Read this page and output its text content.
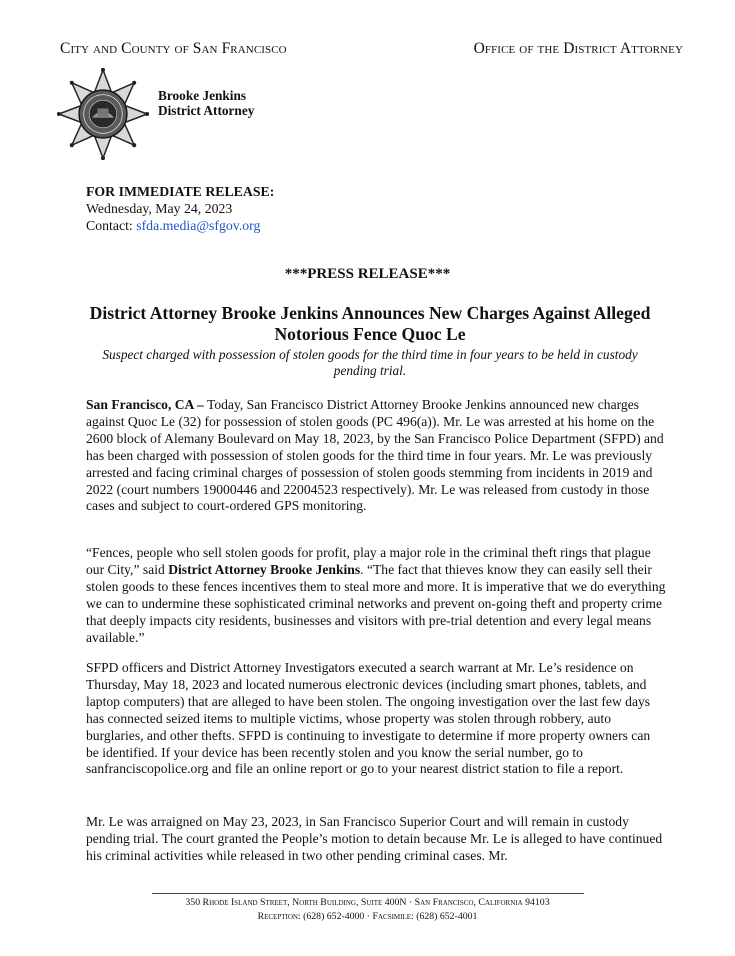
City and County of San Francisco	Office of the District Attorney
Brooke Jenkins
District Attorney
FOR IMMEDIATE RELEASE:
Wednesday, May 24, 2023
Contact: sfda.media@sfgov.org
***PRESS RELEASE***
District Attorney Brooke Jenkins Announces New Charges Against Alleged Notorious Fence Quoc Le
Suspect charged with possession of stolen goods for the third time in four years to be held in custody pending trial.
San Francisco, CA – Today, San Francisco District Attorney Brooke Jenkins announced new charges against Quoc Le (32) for possession of stolen goods (PC 496(a)). Mr. Le was arrested at his home on the 2600 block of Alemany Boulevard on May 18, 2023, by the San Francisco Police Department (SFPD) and has been charged with possession of stolen goods for the third time in four years. Mr. Le was previously arrested and facing criminal charges of possession of stolen goods stemming from incidents in 2019 and 2022 (court numbers 19000446 and 22004523 respectively). Mr. Le was released from custody in those cases and subject to court-ordered GPS monitoring.
“Fences, people who sell stolen goods for profit, play a major role in the criminal theft rings that plague our City,” said District Attorney Brooke Jenkins. “The fact that thieves know they can easily sell their stolen goods to these fences incentives them to steal more and more. It is imperative that we do everything we can to undermine these sophisticated criminal networks and prevent on-going theft and property crime that deeply impacts city residents, businesses and visitors with pre-trial detention and every legal means available.”
SFPD officers and District Attorney Investigators executed a search warrant at Mr. Le’s residence on Thursday, May 18, 2023 and located numerous electronic devices (including smart phones, tablets, and laptop computers) that are alleged to have been stolen. The ongoing investigation over the last few days has connected seized items to multiple victims, whose property was stolen through robbery, auto burglaries, and other thefts. SFPD is continuing to investigate to determine if more property owners can be identified. If your device has been recently stolen and you know the serial number, go to sanfranciscopolice.org and file an online report or go to your nearest district station to file a report.
Mr. Le was arraigned on May 23, 2023, in San Francisco Superior Court and will remain in custody pending trial. The court granted the People’s motion to detain because Mr. Le is alleged to have continued his criminal activities while released in two other pending criminal cases. Mr.
350 Rhode Island Street, North Building, Suite 400N · San Francisco, California 94103
Reception: (628) 652-4000 · Facsimile: (628) 652-4001
